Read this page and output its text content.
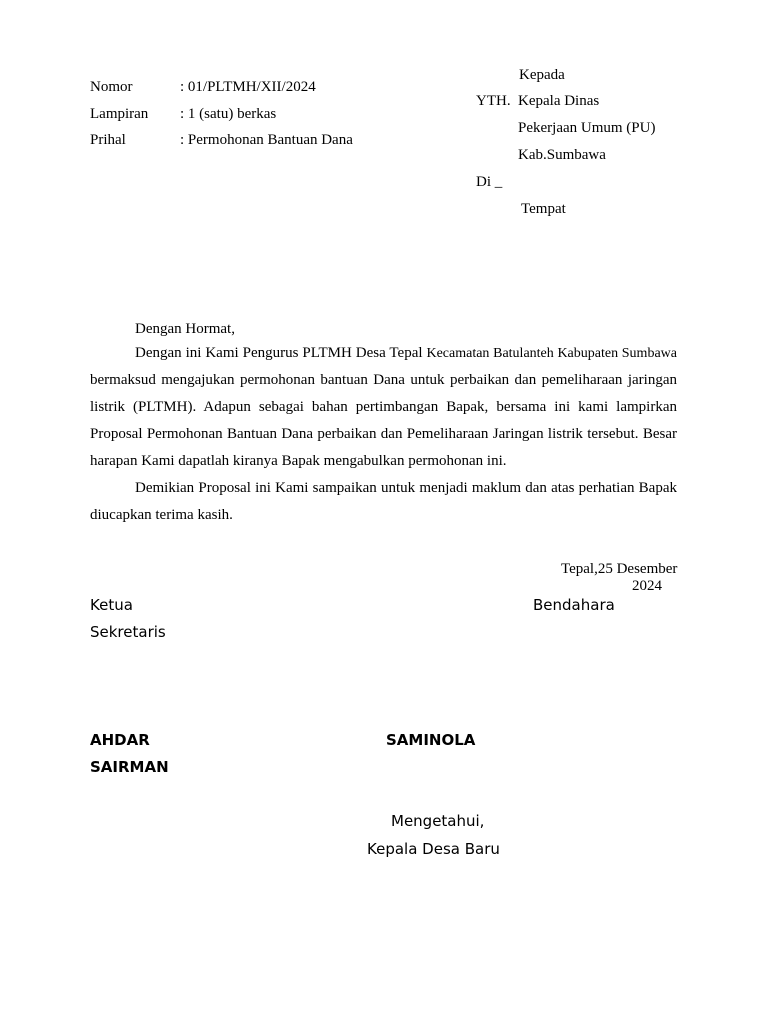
Nomor	: 01/PLTMH/XII/2024
Lampiran : 1 (satu) berkas
Prihal	: Permohonan Bantuan Dana
Kepada
YTH. Kepala Dinas
Pekerjaan Umum (PU)
Kab.Sumbawa
Di _
Tempat
Dengan Hormat,

Dengan ini Kami Pengurus PLTMH Desa Tepal Kecamatan Batulanteh Kabupaten Sumbawa bermaksud mengajukan permohonan bantuan Dana untuk perbaikan dan pemeliharaan jaringan listrik (PLTMH). Adapun sebagai bahan pertimbangan Bapak, bersama ini kami lampirkan Proposal Permohonan Bantuan Dana perbaikan dan Pemeliharaan Jaringan listrik tersebut. Besar harapan Kami dapatlah kiranya Bapak mengabulkan permohonan ini.

Demikian Proposal ini Kami sampaikan untuk menjadi maklum dan atas perhatian Bapak diucapkan terima kasih.

Tepal,25 Desember
2024
Ketua	Bendahara
Sekretaris
AHDAR	SAMINOLA
SAIRMAN
Mengetahui,
Kepala Desa Baru
